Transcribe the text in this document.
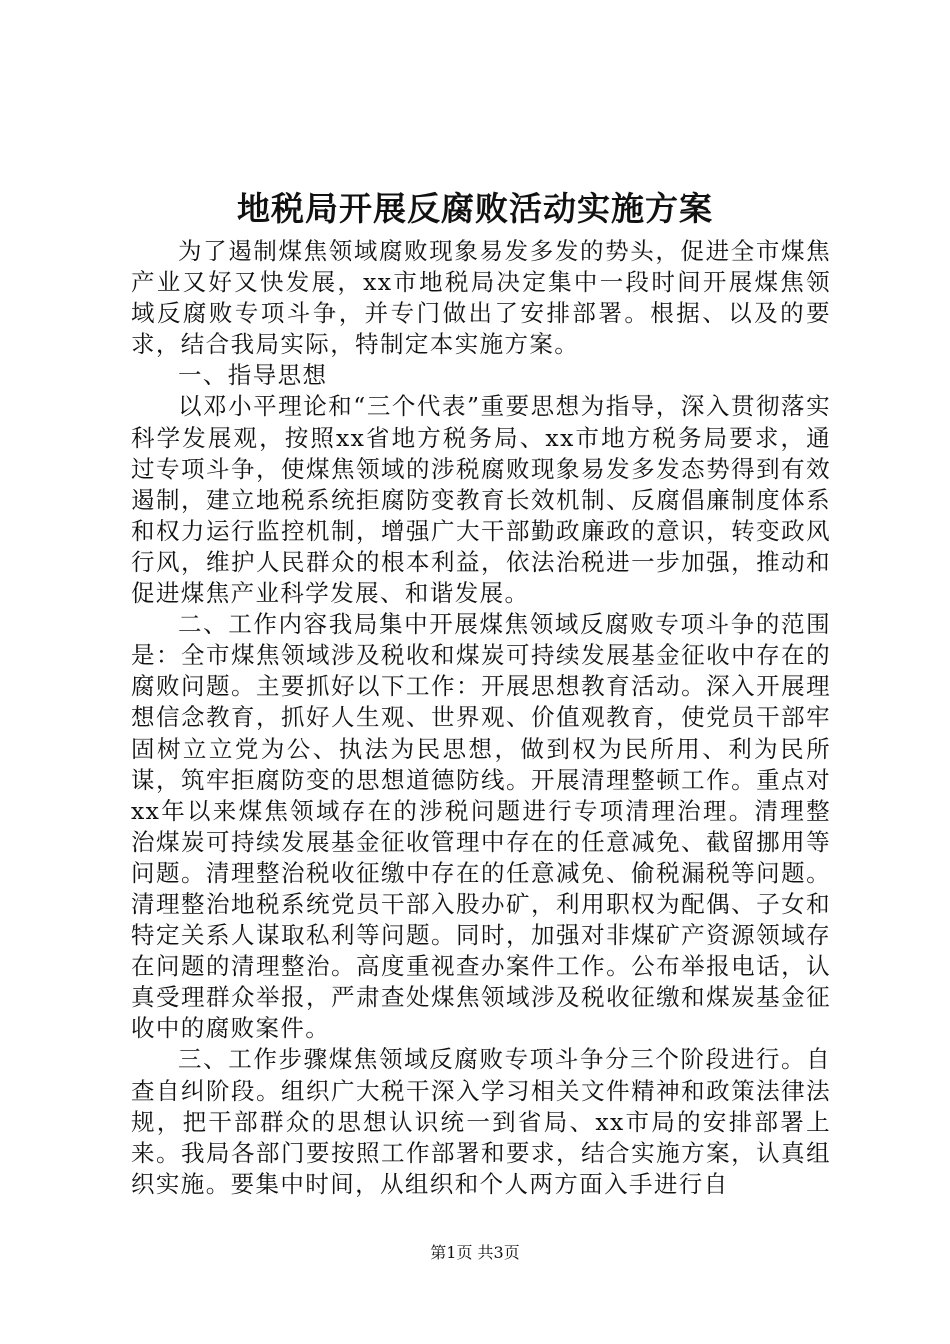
地税局开展反腐败活动实施方案

为了遏制煤焦领域腐败现象易发多发的势头，促进全市煤焦产业又好又快发展，xx市地税局决定集中一段时间开展煤焦领域反腐败专项斗争，并专门做出了安排部署。根据、以及的要求，结合我局实际，特制定本实施方案。

一、指导思想

以邓小平理论和“三个代表”重要思想为指导，深入贯彻落实科学发展观，按照xx省地方税务局、xx市地方税务局要求，通过专项斗争，使煤焦领域的涉税腐败现象易发多发态势得到有效遏制，建立地税系统拒腐防变教育长效机制、反腐倡廉制度体系和权力运行监控机制，增强广大干部勤政廉政的意识，转变政风行风，维护人民群众的根本利益，依法治税进一步加强，推动和促进煤焦产业科学发展、和谐发展。

二、工作内容我局集中开展煤焦领域反腐败专项斗争的范围是：全市煤焦领域涉及税收和煤炭可持续发展基金征收中存在的腐败问题。主要抓好以下工作：开展思想教育活动。深入开展理想信念教育，抓好人生观、世界观、价值观教育，使党员干部牢固树立立党为公、执法为民思想，做到权为民所用、利为民所谋，筑牢拒腐防变的思想道德防线。开展清理整顿工作。重点对xx年以来煤焦领域存在的涉税问题进行专项清理治理。清理整治煤炭可持续发展基金征收管理中存在的任意减免、截留挪用等问题。清理整治税收征缴中存在的任意减免、偷税漏税等问题。清理整治地税系统党员干部入股办矿，利用职权为配偶、子女和特定关系人谋取私利等问题。同时，加强对非煤矿产资源领域存在问题的清理整治。高度重视查办案件工作。公布举报电话，认真受理群众举报，严肃查处煤焦领域涉及税收征缴和煤炭基金征收中的腐败案件。

三、工作步骤煤焦领域反腐败专项斗争分三个阶段进行。自查自纠阶段。组织广大税干深入学习相关文件精神和政策法律法规，把干部群众的思想认识统一到省局、xx市局的安排部署上来。我局各部门要按照工作部署和要求，结合实施方案，认真组织实施。要集中时间，从组织和个人两方面入手进行自

第1页 共3页
